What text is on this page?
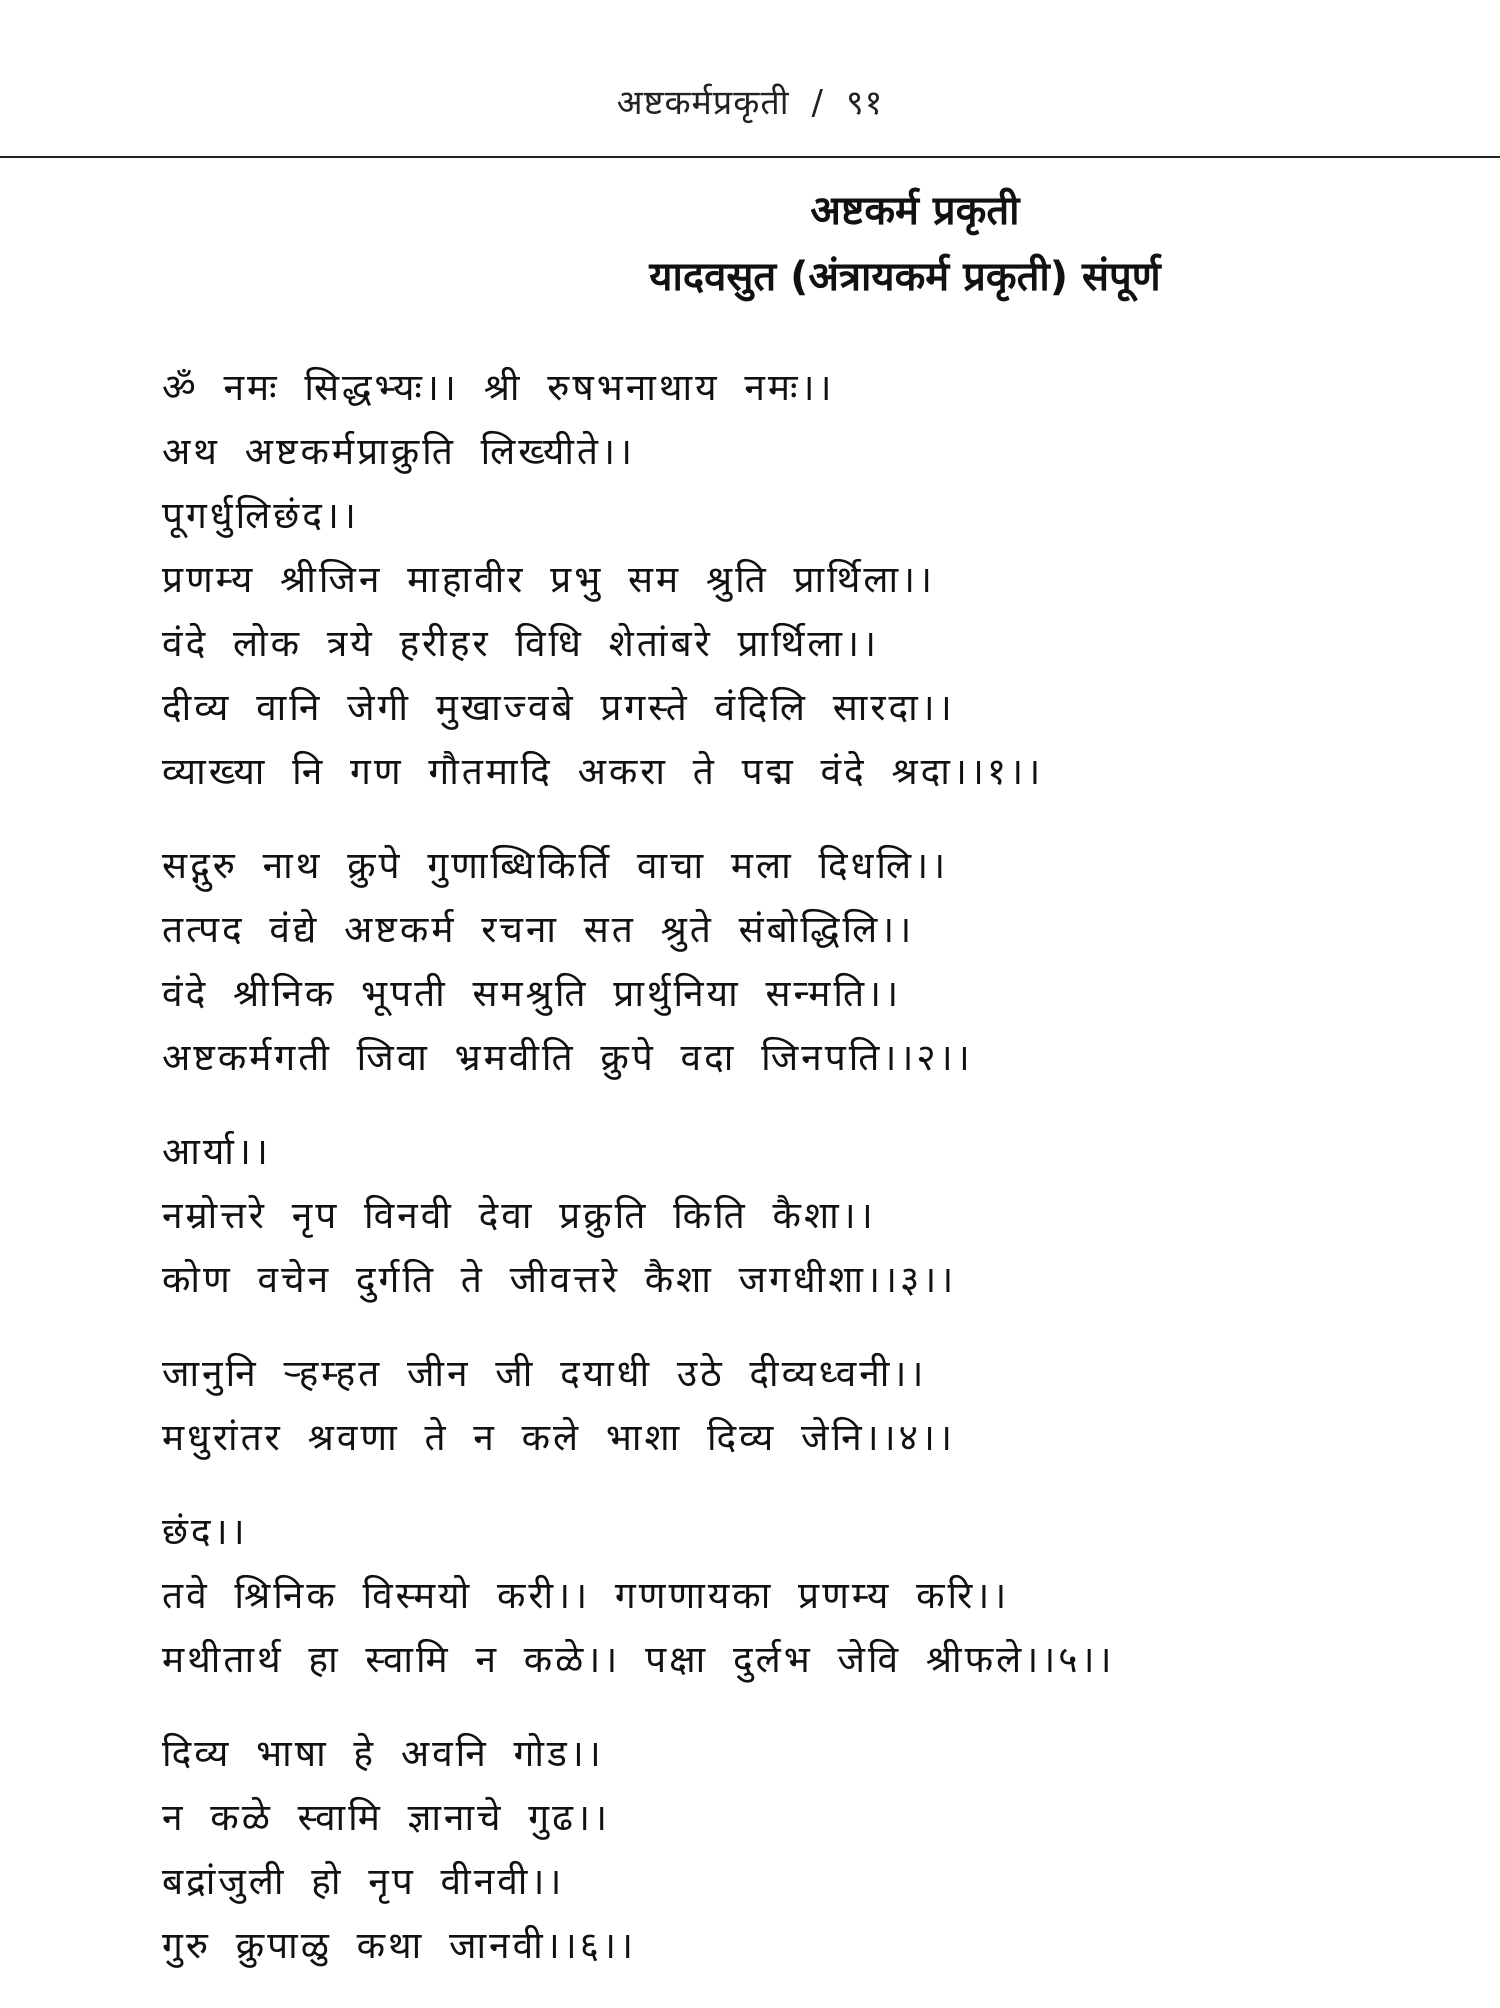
अष्टकर्मप्रकृती / ९१
अष्टकर्म प्रकृती
यादवसुत (अंत्रायकर्म प्रकृती) संपूर्ण
ॐ नमः सिद्धभ्यः।। श्री रुषभनाथाय नमः।।
अथ अष्टकर्मप्राक्रुति लिख्यीते।।
पूगर्धुलिछंद।।
प्रणम्य श्रीजिन माहावीर प्रभु सम श्रुति प्रार्थिला।।
वंदे लोक त्रये हरीहर विधि शेतांबरे प्रार्थिला।।
दीव्य वानि जेगी मुखाज्वबे प्रगस्ते वंदिलि सारदा।।
व्याख्या नि गण गौतमादि अकरा ते पद्म वंदे श्रदा।।१।।
सद्गुरु नाथ क्रुपे गुणाब्धिकिर्ति वाचा मला दिधलि।।
तत्पद वंद्ये अष्टकर्म रचना सत श्रुते संबोद्धिलि।।
वंदे श्रीनिक भूपती समश्रुति प्रार्थुनिया सन्मति।।
अष्टकर्मगती जिवा भ्रमवीति क्रुपे वदा जिनपति।।२।।
आर्या।।
नम्रोत्तरे नृप विनवी देवा प्रक्रुति किति कैशा।।
कोण वचेन दुर्गति ते जीवत्तरे कैशा जगधीशा।।३।।
जानुनि ऱ्हम्हत जीन जी दयाधी उठे दीव्यध्वनी।।
मधुरांतर श्रवणा ते न कले भाशा दिव्य जेनि।।४।।
छंद।।
तवे श्रिनिक विस्मयो करी।। गणणायका प्रणम्य करि।।
मथीतार्थ हा स्वामि न कळे।। पक्षा दुर्लभ जेवि श्रीफले।।५।।
दिव्य भाषा हे अवनि गोड।।
न कळे स्वामि ज्ञानाचे गुढ।।
बद्रांजुली हो नृप वीनवी।।
गुरु क्रुपाळु कथा जानवी।।६।।
